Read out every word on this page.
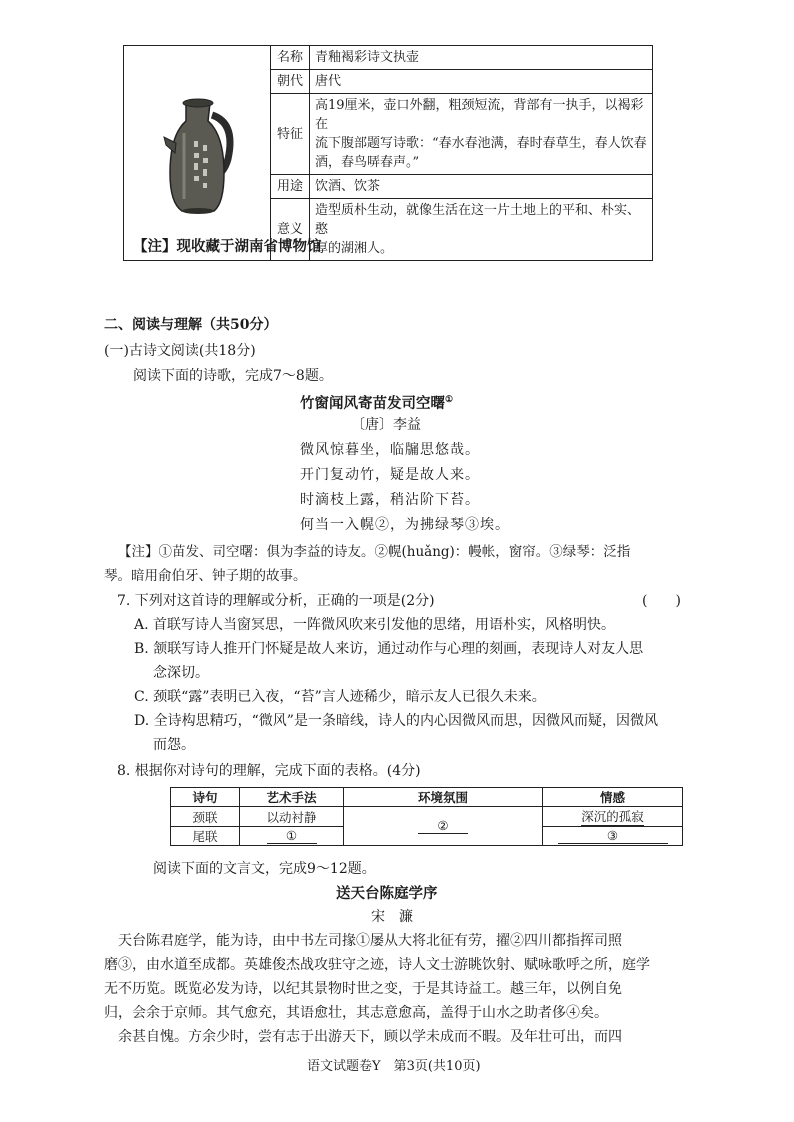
	名称	青釉褐彩诗文执壶
	朝代	唐代
	特征	高19厘米，壶口外翻，粗颈短流，背部有一执手，以褐彩在
流下腹部题写诗歌：“春水春池满，春时春草生，春人饮春
酒，春鸟哢春声。”

	用途	饮酒、饮茶
	意义	造型质朴生动，就像生活在这一片土地上的平和、朴实、憨
厚的湖湘人。
【注】现收藏于湖南省博物馆
二、阅读与理解（共50分）
(一)古诗文阅读(共18分)
阅读下面的诗歌，完成7～8题。
竹窗闻风寄苗发司空曙①
〔唐〕李益
微风惊暮坐，临牖思悠哉。
开门复动竹，疑是故人来。
时滴枝上露，稍沾阶下苔。
何当一入幌②，为拂绿琴③埃。
【注】①苗发、司空曙：俱为李益的诗友。②幌(huǎng)：幔帐，窗帘。③绿琴：泛指
琴。暗用俞伯牙、钟子期的故事。
7. 下列对这首诗的理解或分析，正确的一项是(2分)	(　　)
A. 首联写诗人当窗冥思，一阵微风吹来引发他的思绪，用语朴实，风格明快。
B. 颔联写诗人推开门怀疑是故人来访，通过动作与心理的刻画，表现诗人对友人思
念深切。
C. 颈联“露”表明已入夜，“苔”言人迹稀少，暗示友人已很久未来。
D. 全诗构思精巧，“微风”是一条暗线，诗人的内心因微风而思，因微风而疑，因微风
而怨。
8. 根据你对诗句的理解，完成下面的表格。(4分)
诗句	艺术手法	环境氛围	情感
颈联	以动衬静	②	深沉的孤寂
尾联	①		③
阅读下面的文言文，完成9～12题。
送天台陈庭学序
宋　濂
天台陈君庭学，能为诗，由中书左司掾①屡从大将北征有劳，擢②四川都指挥司照
磨③，由水道至成都。英雄俊杰战攻驻守之迹，诗人文士游眺饮射、赋咏歌呼之所，庭学
无不历览。既览必发为诗，以纪其景物时世之变，于是其诗益工。越三年，以例自免
归，会余于京师。其气愈充，其语愈壮，其志意愈高，盖得于山水之助者侈④矣。
余甚自愧。方余少时，尝有志于出游天下，顾以学未成而不暇。及年壮可出，而四
语文试题卷Y　第3页(共10页)
